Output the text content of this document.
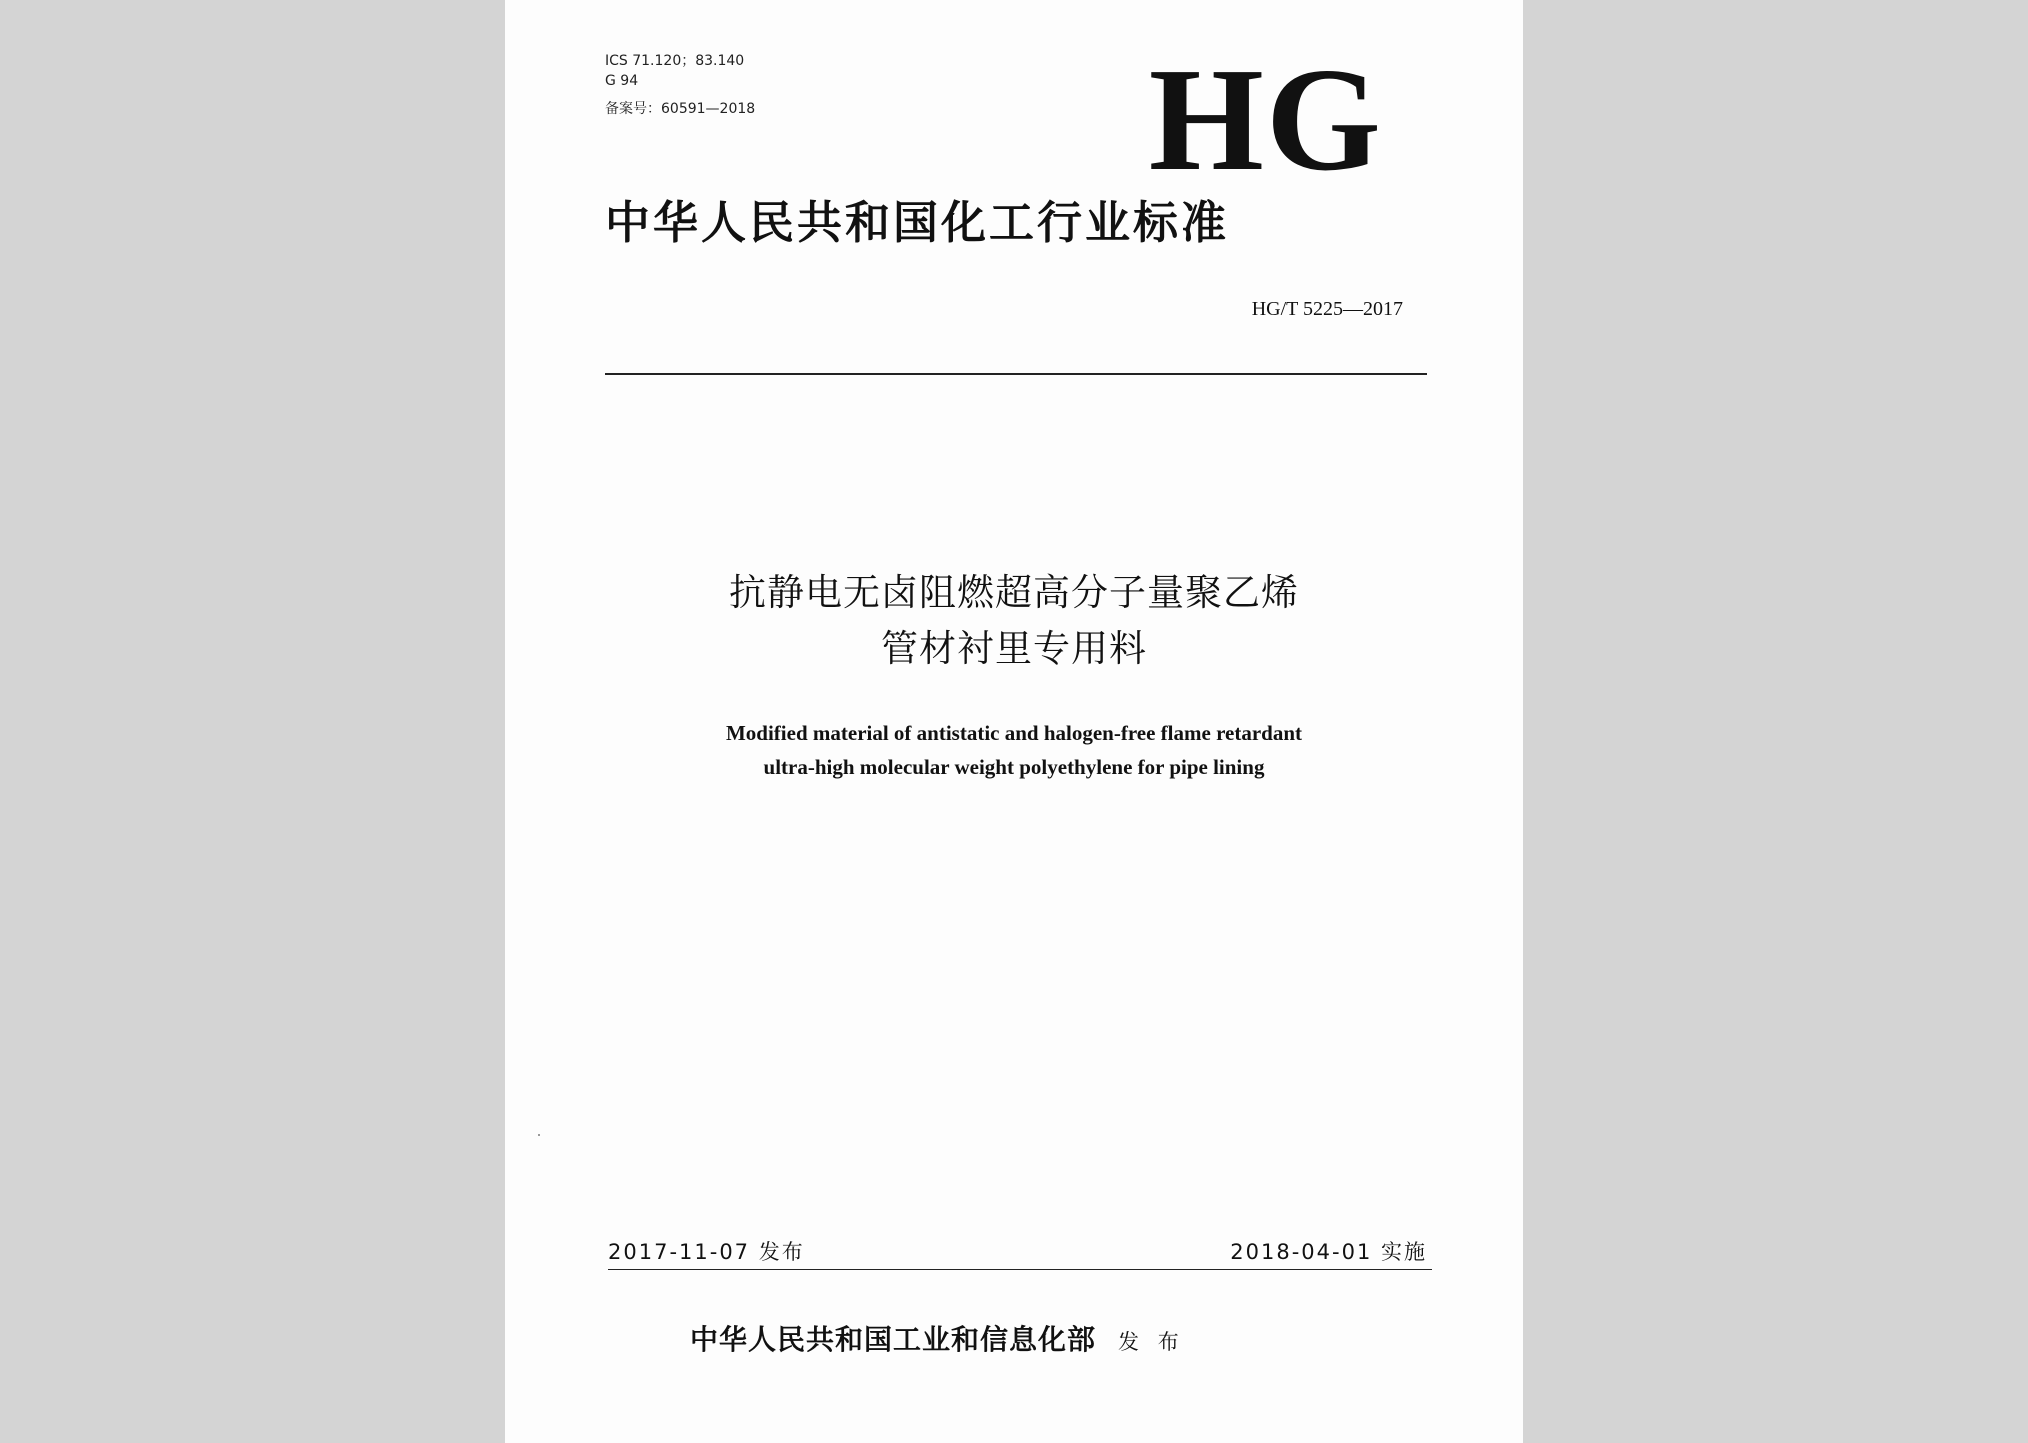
ICS 71.120；83.140

G 94

备案号：60591—2018	HG

中华人民共和国化工行业标准

HG/T 5225—2017

抗静电无卤阻燃超高分子量聚乙烯

管材衬里专用料

Modified material of antistatic and halogen-free flame retardant

ultra-high molecular weight polyethylene for pipe lining

2017-11-07 发布	2018-04-01 实施

中华人民共和国工业和信息化部 发 布
